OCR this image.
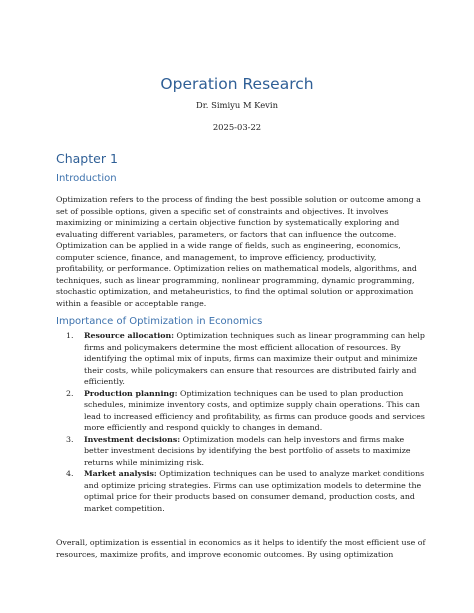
Operation Research
Dr. Simiyu M Kevin
2025-03-22
Chapter 1
Introduction

Optimization refers to the process of finding the best possible solution or outcome among a set of possible options, given a specific set of constraints and objectives. It involves maximizing or minimizing a certain objective function by systematically exploring and evaluating different variables, parameters, or factors that can influence the outcome.

Optimization can be applied in a wide range of fields, such as engineering, economics, computer science, finance, and management, to improve efficiency, productivity, profitability, or performance. Optimization relies on mathematical models, algorithms, and techniques, such as linear programming, nonlinear programming, dynamic programming, stochastic optimization, and metaheuristics, to find the optimal solution or approximation within a feasible or acceptable range.

Importance of Optimization in Economics
1. Resource allocation: Optimization techniques such as linear programming can help firms and policymakers determine the most efficient allocation of resources. By identifying the optimal mix of inputs, firms can maximize their output and minimize their costs, while policymakers can ensure that resources are distributed fairly and efficiently.
2. Production planning: Optimization techniques can be used to plan production schedules, minimize inventory costs, and optimize supply chain operations. This can lead to increased efficiency and profitability, as firms can produce goods and services more efficiently and respond quickly to changes in demand.
3. Investment decisions: Optimization models can help investors and firms make better investment decisions by identifying the best portfolio of assets to maximize returns while minimizing risk.
4. Market analysis: Optimization techniques can be used to analyze market conditions and optimize pricing strategies. Firms can use optimization models to determine the optimal price for their products based on consumer demand, production costs, and market competition.

Overall, optimization is essential in economics as it helps to identify the most efficient use of resources, maximize profits, and improve economic outcomes. By using optimization
